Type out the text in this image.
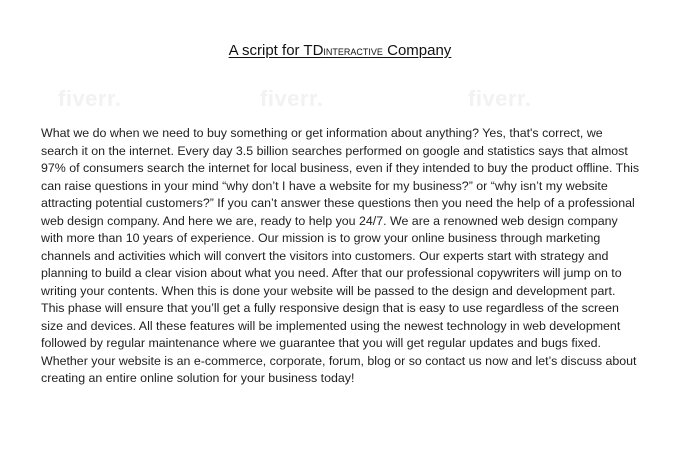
fiverr.	fiverr.	fiverr.
A script for TDINTERACTIVE Company

What we do when we need to buy something or get information about anything? Yes, that's correct, we search it on the internet. Every day 3.5 billion searches performed on google and statistics says that almost 97% of consumers search the internet for local business, even if they intended to buy the product offline. This can raise questions in your mind “why don’t I have a website for my business?” or “why isn’t my website attracting potential customers?” If you can’t answer these questions then you need the help of a professional web design company. And here we are, ready to help you 24/7. We are a renowned web design company with more than 10 years of experience. Our mission is to grow your online business through marketing channels and activities which will convert the visitors into customers. Our experts start with strategy and planning to build a clear vision about what you need. After that our professional copywriters will jump on to writing your contents. When this is done your website will be passed to the design and development part. This phase will ensure that you’ll get a fully responsive design that is easy to use regardless of the screen size and devices. All these features will be implemented using the newest technology in web development followed by regular maintenance where we guarantee that you will get regular updates and bugs fixed. Whether your website is an e-commerce, corporate, forum, blog or so contact us now and let’s discuss about creating an entire online solution for your business today!
